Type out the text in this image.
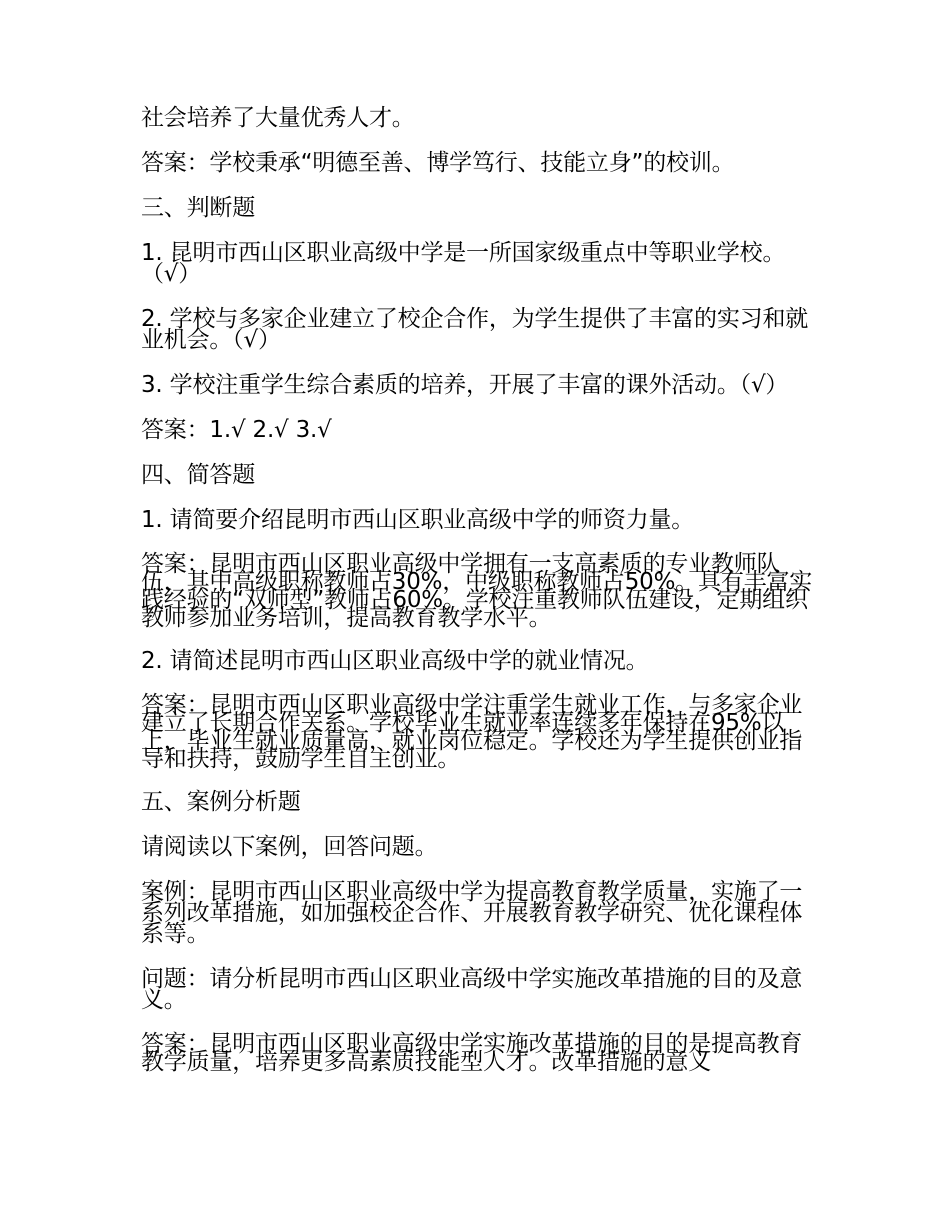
社会培养了大量优秀人才。

答案：学校秉承“明德至善、博学笃行、技能立身”的校训。

三、判断题

1. 昆明市西山区职业高级中学是一所国家级重点中等职业学校。（√）

2. 学校与多家企业建立了校企合作，为学生提供了丰富的实习和就业机会。（√）

3. 学校注重学生综合素质的培养，开展了丰富的课外活动。（√）

答案：1.√ 2.√ 3.√

四、简答题

1. 请简要介绍昆明市西山区职业高级中学的师资力量。

答案：昆明市西山区职业高级中学拥有一支高素质的专业教师队伍，其中高级职称教师占30%，中级职称教师占50%。具有丰富实践经验的“双师型”教师占60%。学校注重教师队伍建设，定期组织教师参加业务培训，提高教育教学水平。

2. 请简述昆明市西山区职业高级中学的就业情况。

答案：昆明市西山区职业高级中学注重学生就业工作，与多家企业建立了长期合作关系。学校毕业生就业率连续多年保持在95%以上，毕业生就业质量高，就业岗位稳定。学校还为学生提供创业指导和扶持，鼓励学生自主创业。

五、案例分析题

请阅读以下案例，回答问题。

案例：昆明市西山区职业高级中学为提高教育教学质量，实施了一系列改革措施，如加强校企合作、开展教育教学研究、优化课程体系等。

问题：请分析昆明市西山区职业高级中学实施改革措施的目的及意义。

答案：昆明市西山区职业高级中学实施改革措施的目的是提高教育教学质量，培养更多高素质技能型人才。改革措施的意义
